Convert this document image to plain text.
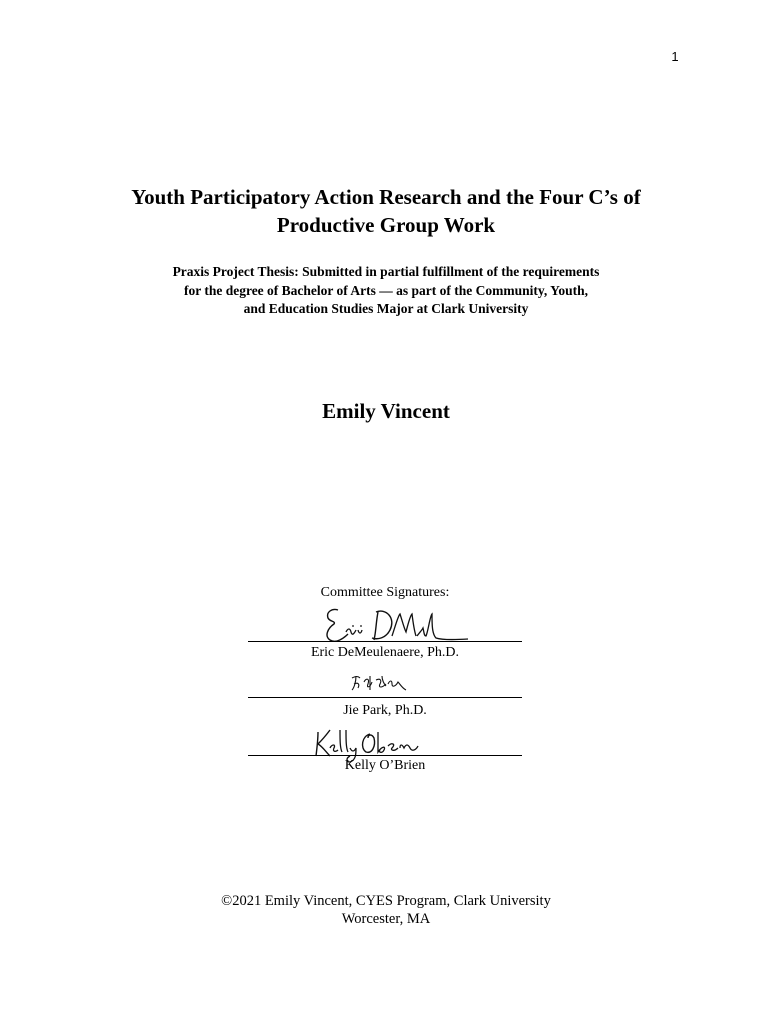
1
Youth Participatory Action Research and the Four C’s of
Productive Group Work
Praxis Project Thesis: Submitted in partial fulfillment of the requirements
for the degree of Bachelor of Arts — as part of the Community, Youth,
and Education Studies Major at Clark University
Emily Vincent
Committee Signatures:
Eric DeMeulenaere, Ph.D.
Jie Park, Ph.D.
Kelly O’Brien
©2021 Emily Vincent, CYES Program, Clark University
Worcester, MA
